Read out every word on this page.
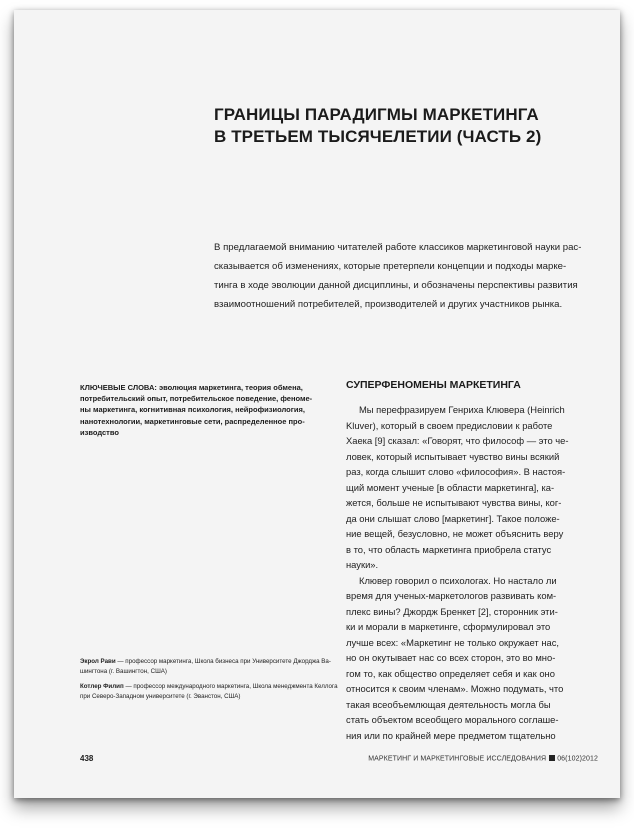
ГРАНИЦЫ ПАРАДИГМЫ МАРКЕТИНГА
В ТРЕТЬЕМ ТЫСЯЧЕЛЕТИИ (ЧАСТЬ 2)
В предлагаемой вниманию читателей работе классиков маркетинговой науки рас-
сказывается об изменениях, которые претерпели концепции и подходы марке-
тинга в ходе эволюции данной дисциплины, и обозначены перспективы развития
взаимоотношений потребителей, производителей и других участников рынка.
КЛЮЧЕВЫЕ СЛОВА: эволюция маркетинга, теория обмена,
потребительский опыт, потребительское поведение, феноме-
ны маркетинга, когнитивная психология, нейрофизиология,
нанотехнологии, маркетинговые сети, распределенное про-
изводство
СУПЕРФЕНОМЕНЫ МАРКЕТИНГА
Мы перефразируем Генриха Клювера (Heinrich
Kluver), который в своем предисловии к работе
Хаека [9] сказал: «Говорят, что философ — это че-
ловек, который испытывает чувство вины всякий
раз, когда слышит слово «философия». В настоя-
щий момент ученые [в области маркетинга], ка-
жется, больше не испытывают чувства вины, ког-
да они слышат слово [маркетинг]. Такое положе-
ние вещей, безусловно, не может объяснить веру
в то, что область маркетинга приобрела статус
науки».
Клювер говорил о психологах. Но настало ли
время для ученых-маркетологов развивать ком-
плекс вины? Джордж Бренкет [2], сторонник эти-
ки и морали в маркетинге, сформулировал это
лучше всех: «Маркетинг не только окружает нас,
но он окутывает нас со всех сторон, это во мно-
гом то, как общество определяет себя и как оно
относится к своим членам». Можно подумать, что
такая всеобъемлющая деятельность могла бы
стать объектом всеобщего морального соглаше-
ния или по крайней мере предметом тщательно
Экрол Рави — профессор маркетинга, Школа бизнеса при Университете Джорджа Ва-
шингтона (г. Вашингтон, США)
Котлер Филип — профессор международного маркетинга, Школа менеджмента Келлога
при Северо-Западном университете (г. Эванстон, США)
438	МАРКЕТИНГ И МАРКЕТИНГОВЫЕ ИССЛЕДОВАНИЯ 06(102)2012
